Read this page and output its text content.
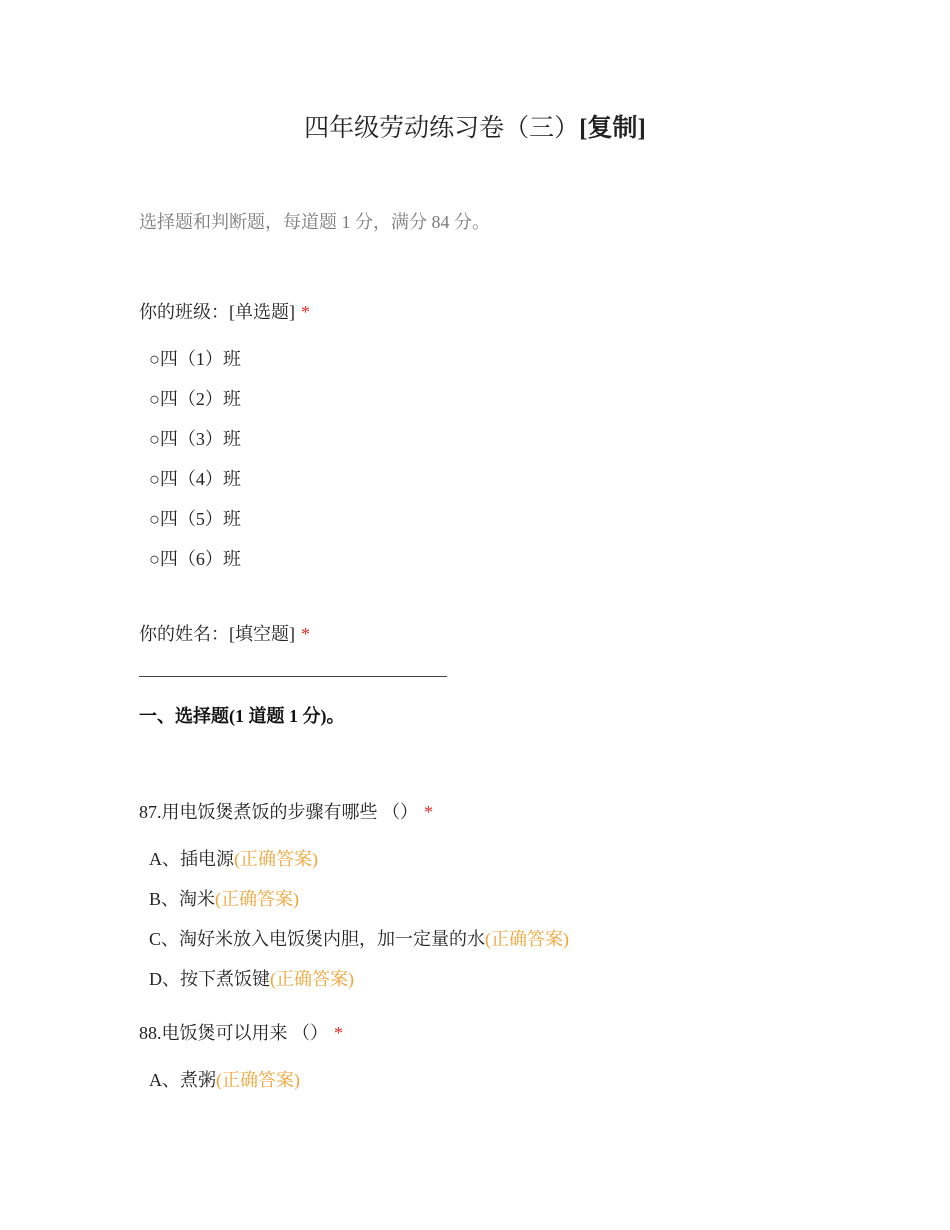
四年级劳动练习卷（三）[复制]
选择题和判断题，每道题 1 分，满分 84 分。
你的班级：[单选题] *
○四（1）班
○四（2）班
○四（3）班
○四（4）班
○四（5）班
○四（6）班
你的姓名：[填空题] *
一、选择题(1 道题 1 分)。
87.用电饭煲煮饭的步骤有哪些 （） *
A、插电源(正确答案)
B、淘米(正确答案)
C、淘好米放入电饭煲内胆，加一定量的水(正确答案)
D、按下煮饭键(正确答案)
88.电饭煲可以用来 （） *
A、煮粥(正确答案)
